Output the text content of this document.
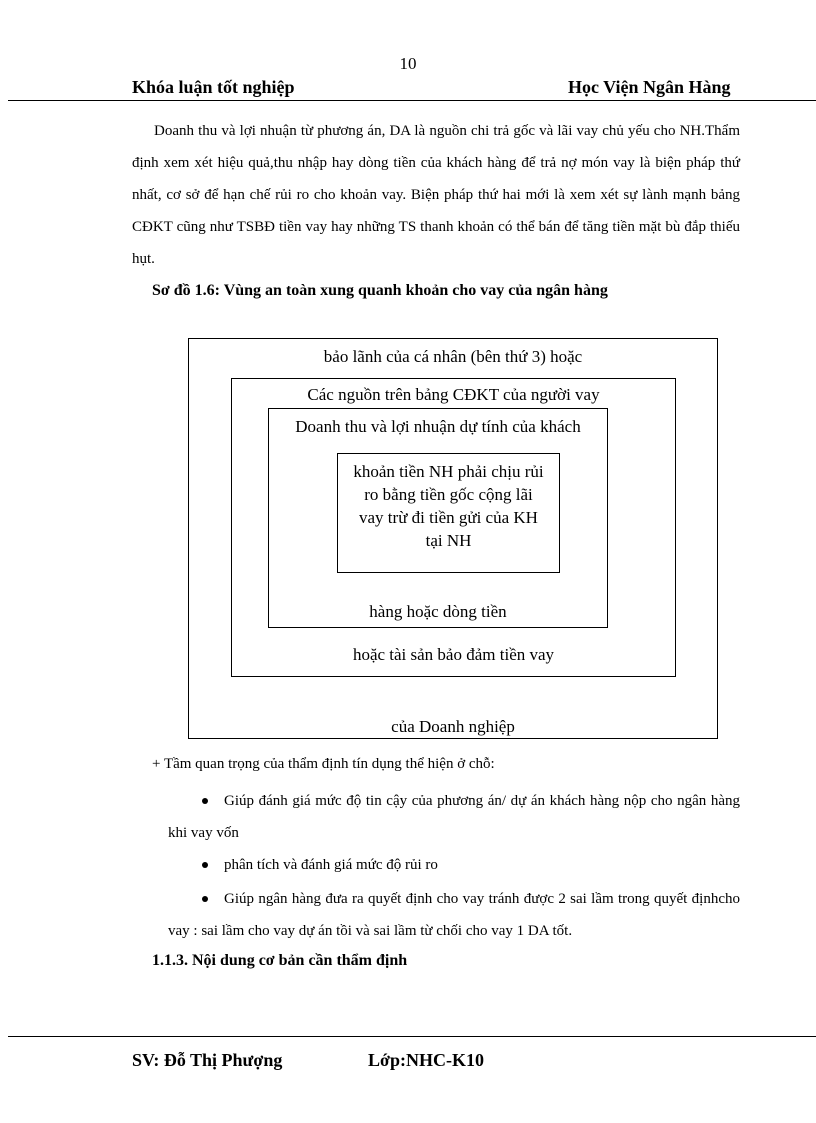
10
Khóa luận tốt nghiệp	Học Viện Ngân Hàng
Doanh thu và lợi nhuận từ phương án, DA là nguồn chi trả gốc và lãi vay chủ yếu cho NH.Thẩm định xem xét hiệu quả,thu nhập hay dòng tiền của khách hàng để trả nợ món vay là biện pháp thứ nhất, cơ sở để hạn chế rủi ro cho khoản vay. Biện pháp thứ hai mới là xem xét sự lành mạnh bảng CĐKT cũng như TSBĐ tiền vay hay những TS thanh khoản có thể bán để tăng tiền mặt bù đắp thiếu hụt.
Sơ đồ 1.6: Vùng an toàn xung quanh khoản cho vay của ngân hàng
bảo lãnh của cá nhân (bên thứ 3) hoặc
của Doanh nghiệp
Các nguồn trên bảng CĐKT của người vay
hoặc tài sản bảo đảm tiền vay
Doanh thu và lợi nhuận dự tính của khách
hàng hoặc dòng tiền
khoản tiền NH phải chịu rủi ro bằng tiền gốc cộng lãi vay trừ đi tiền gửi của KH tại NH
+ Tầm quan trọng của thẩm định tín dụng thể hiện ở chỗ:
Giúp đánh giá mức độ tin cậy của phương án/ dự án khách hàng nộp cho ngân hàng khi vay vốn
phân tích và đánh giá mức độ rủi ro
Giúp ngân hàng đưa ra quyết định cho vay tránh được 2 sai lầm trong quyết địnhcho vay : sai lầm cho vay dự án tồi và sai lầm từ chối cho vay 1 DA tốt.
1.1.3. Nội dung cơ bản cần thẩm định
SV: Đỗ Thị Phượng	Lớp:NHC-K10
